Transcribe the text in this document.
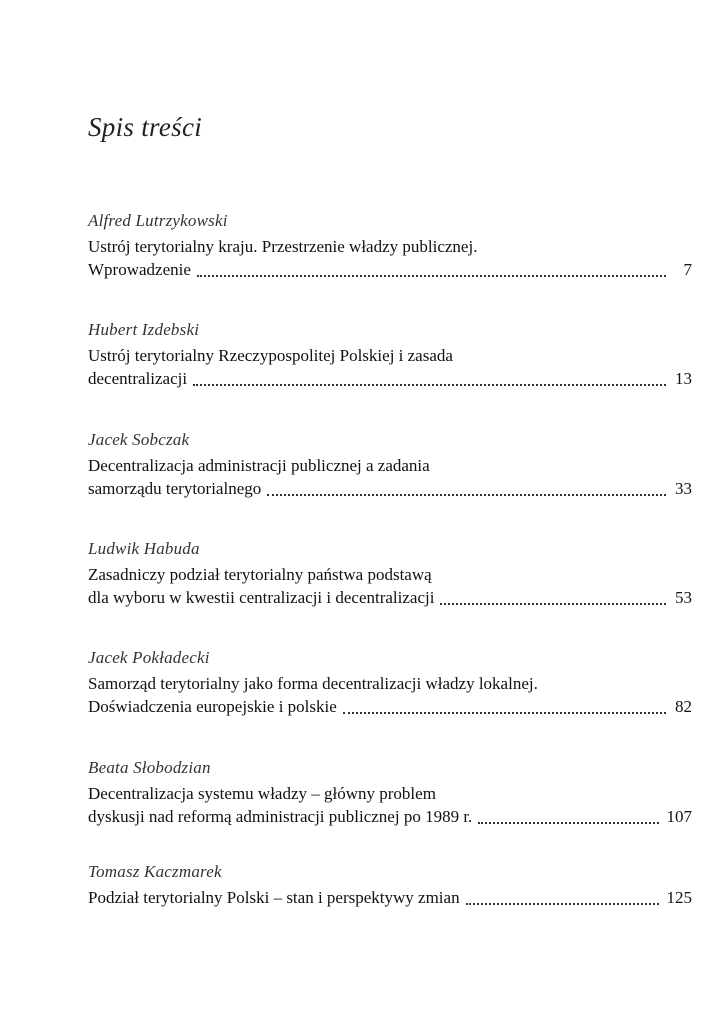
Spis treści
Alfred Lutrzykowski
Ustrój terytorialny kraju. Przestrzenie władzy publicznej.
Wprowadzenie	7
Hubert Izdebski
Ustrój terytorialny Rzeczypospolitej Polskiej i zasada
decentralizacji	13
Jacek Sobczak
Decentralizacja administracji publicznej a zadania
samorządu terytorialnego	33
Ludwik Habuda
Zasadniczy podział terytorialny państwa podstawą
dla wyboru w kwestii centralizacji i decentralizacji	53
Jacek Pokładecki
Samorząd terytorialny jako forma decentralizacji władzy lokalnej.
Doświadczenia europejskie i polskie	82
Beata Słobodzian
Decentralizacja systemu władzy – główny problem
dyskusji nad reformą administracji publicznej po 1989 r.	107
Tomasz Kaczmarek
Podział terytorialny Polski – stan i perspektywy zmian	125
